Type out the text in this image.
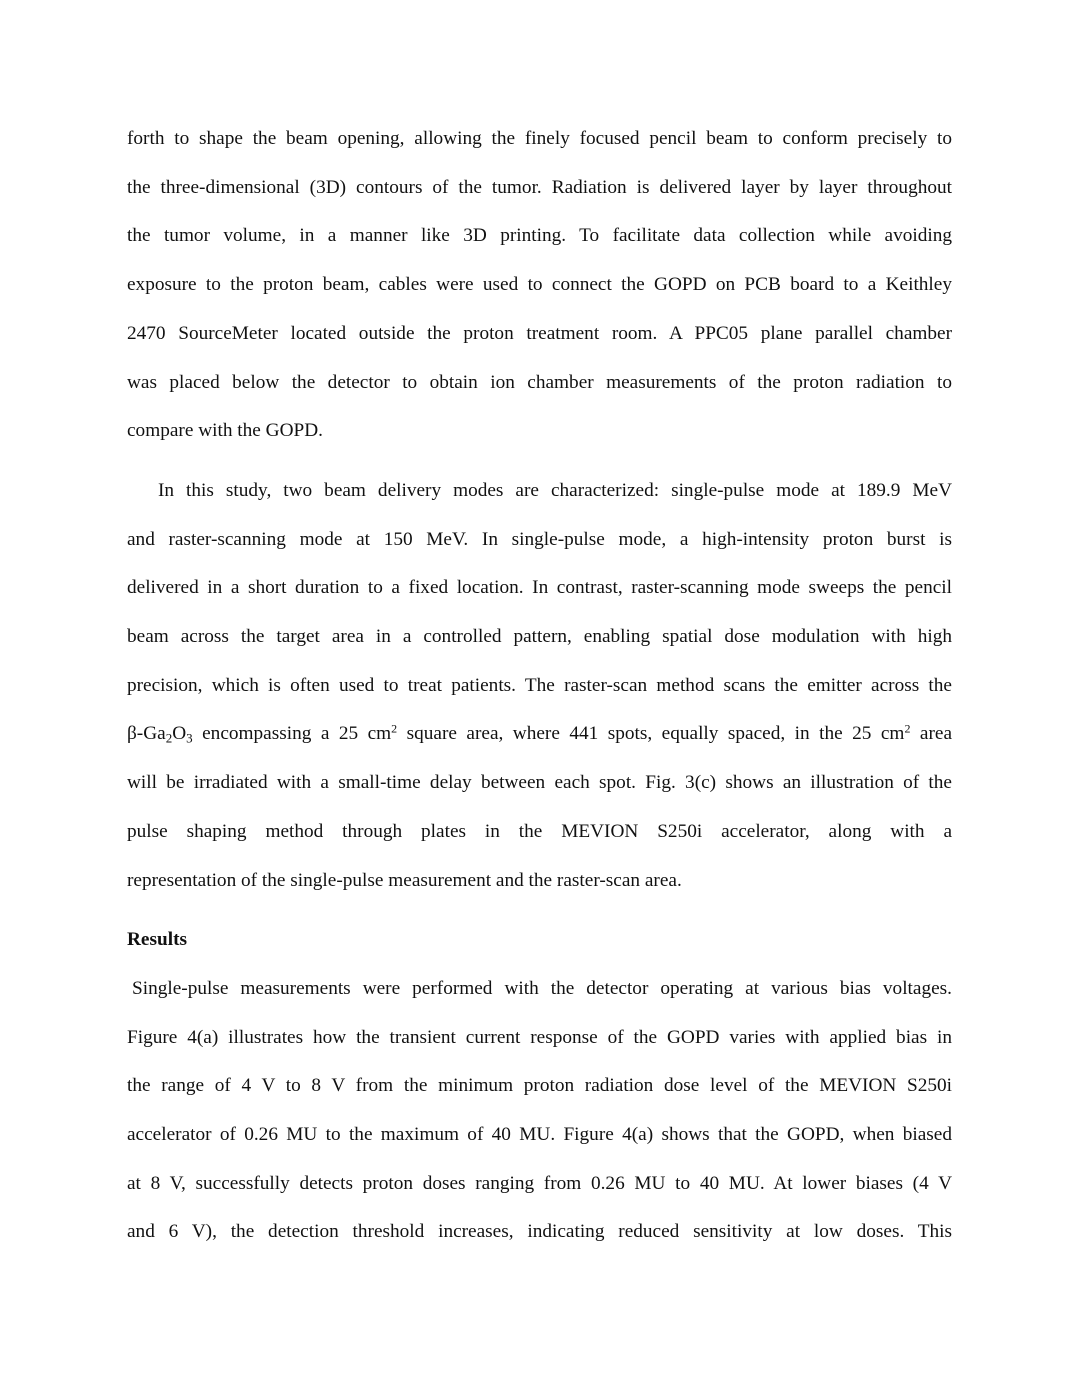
forth to shape the beam opening, allowing the finely focused pencil beam to conform precisely to
the three-dimensional (3D) contours of the tumor. Radiation is delivered layer by layer throughout
the tumor volume, in a manner like 3D printing. To facilitate data collection while avoiding
exposure to the proton beam, cables were used to connect the GOPD on PCB board to a Keithley
2470 SourceMeter located outside the proton treatment room. A PPC05 plane parallel chamber
was placed below the detector to obtain ion chamber measurements of the proton radiation to
compare with the GOPD.
In this study, two beam delivery modes are characterized: single-pulse mode at 189.9 MeV
and raster-scanning mode at 150 MeV. In single-pulse mode, a high-intensity proton burst is
delivered in a short duration to a fixed location. In contrast, raster-scanning mode sweeps the pencil
beam across the target area in a controlled pattern, enabling spatial dose modulation with high
precision, which is often used to treat patients. The raster-scan method scans the emitter across the
$\beta-Ga_2O_3$ encompassing a 25 $cm^2$ square area, where 441 spots, equally spaced, in the 25 $cm^2$ area
will be irradiated with a small-time delay between each spot. Fig. 3(c) shows an illustration of the
pulse shaping method through plates in the MEVION S250i accelerator, along with a
representation of the single-pulse measurement and the raster-scan area.
Results
Single-pulse measurements were performed with the detector operating at various bias voltages.
Figure 4(a) illustrates how the transient current response of the GOPD varies with applied bias in
the range of 4 V to 8 V from the minimum proton radiation dose level of the MEVION S250i
accelerator of 0.26 MU to the maximum of 40 MU. Figure 4(a) shows that the GOPD, when biased
at 8 V, successfully detects proton doses ranging from 0.26 MU to 40 MU. At lower biases (4 V
and 6 V), the detection threshold increases, indicating reduced sensitivity at low doses. This
